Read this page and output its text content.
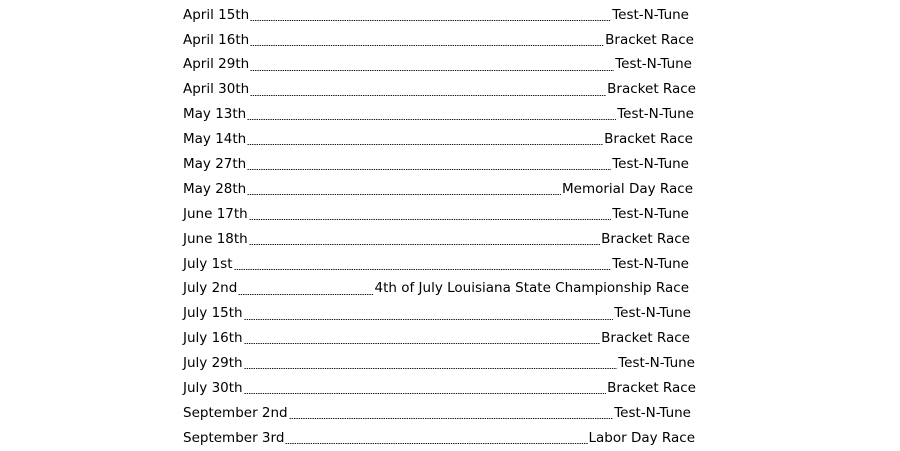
April 15th	Test-N-Tune
April 16th	Bracket Race
April 29th	Test-N-Tune
April 30th	Bracket Race
May 13th	Test-N-Tune
May 14th	Bracket Race
May 27th	Test-N-Tune
May 28th	Memorial Day Race
June 17th	Test-N-Tune
June 18th	Bracket Race
July 1st	Test-N-Tune
July 2nd	4th of July Louisiana State Championship Race
July 15th	Test-N-Tune
July 16th	Bracket Race
July 29th	Test-N-Tune
July 30th	Bracket Race
September 2nd	Test-N-Tune
September 3rd	Labor Day Race
